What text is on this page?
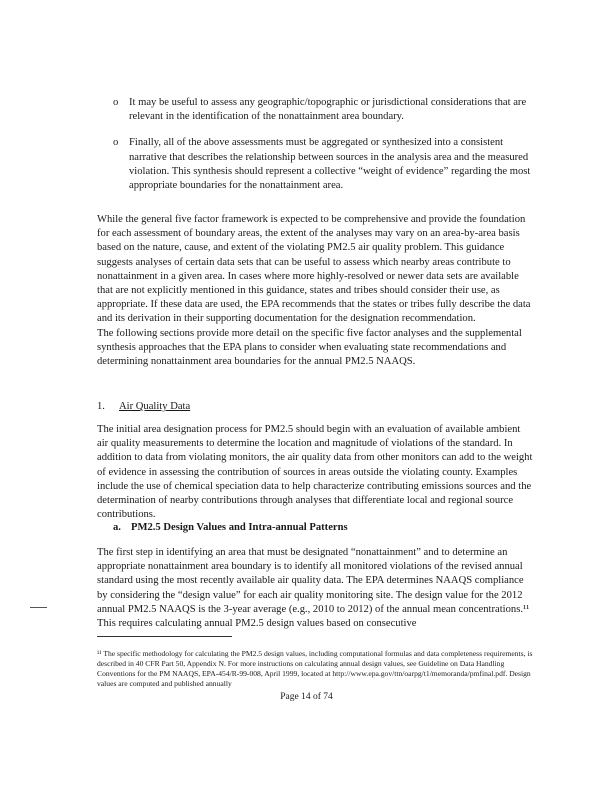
o It may be useful to assess any geographic/topographic or jurisdictional considerations that are relevant in the identification of the nonattainment area boundary.
o Finally, all of the above assessments must be aggregated or synthesized into a consistent narrative that describes the relationship between sources in the analysis area and the measured violation. This synthesis should represent a collective “weight of evidence” regarding the most appropriate boundaries for the nonattainment area.

While the general five factor framework is expected to be comprehensive and provide the foundation for each assessment of boundary areas, the extent of the analyses may vary on an area-by-area basis based on the nature, cause, and extent of the violating PM2.5 air quality problem. This guidance suggests analyses of certain data sets that can be useful to assess which nearby areas contribute to nonattainment in a given area. In cases where more highly-resolved or newer data sets are available that are not explicitly mentioned in this guidance, states and tribes should consider their use, as appropriate. If these data are used, the EPA recommends that the states or tribes fully describe the data and its derivation in their supporting documentation for the designation recommendation.

The following sections provide more detail on the specific five factor analyses and the supplemental synthesis approaches that the EPA plans to consider when evaluating state recommendations and determining nonattainment area boundaries for the annual PM2.5 NAAQS.

1. Air Quality Data

The initial area designation process for PM2.5 should begin with an evaluation of available ambient air quality measurements to determine the location and magnitude of violations of the standard. In addition to data from violating monitors, the air quality data from other monitors can add to the weight of evidence in assessing the contribution of sources in areas outside the violating county. Examples include the use of chemical speciation data to help characterize contributing emissions sources and the determination of nearby contributions through analyses that differentiate local and regional source contributions.

a. PM2.5 Design Values and Intra-annual Patterns

The first step in identifying an area that must be designated “nonattainment” and to determine an appropriate nonattainment area boundary is to identify all monitored violations of the revised annual standard using the most recently available air quality data. The EPA determines NAAQS compliance by considering the “design value” for each air quality monitoring site. The design value for the 2012 annual PM2.5 NAAQS is the 3-year average (e.g., 2010 to 2012) of the annual mean concentrations.¹¹ This requires calculating annual PM2.5 design values based on consecutive

¹¹ The specific methodology for calculating the PM2.5 design values, including computational formulas and data completeness requirements, is described in 40 CFR Part 50, Appendix N. For more instructions on calculating annual design values, see Guideline on Data Handling Conventions for the PM NAAQS, EPA-454/R-99-008, April 1999, located at http://www.epa.gov/ttn/oarpg/t1/memoranda/pmfinal.pdf. Design values are computed and published annually

Page 14 of 74
